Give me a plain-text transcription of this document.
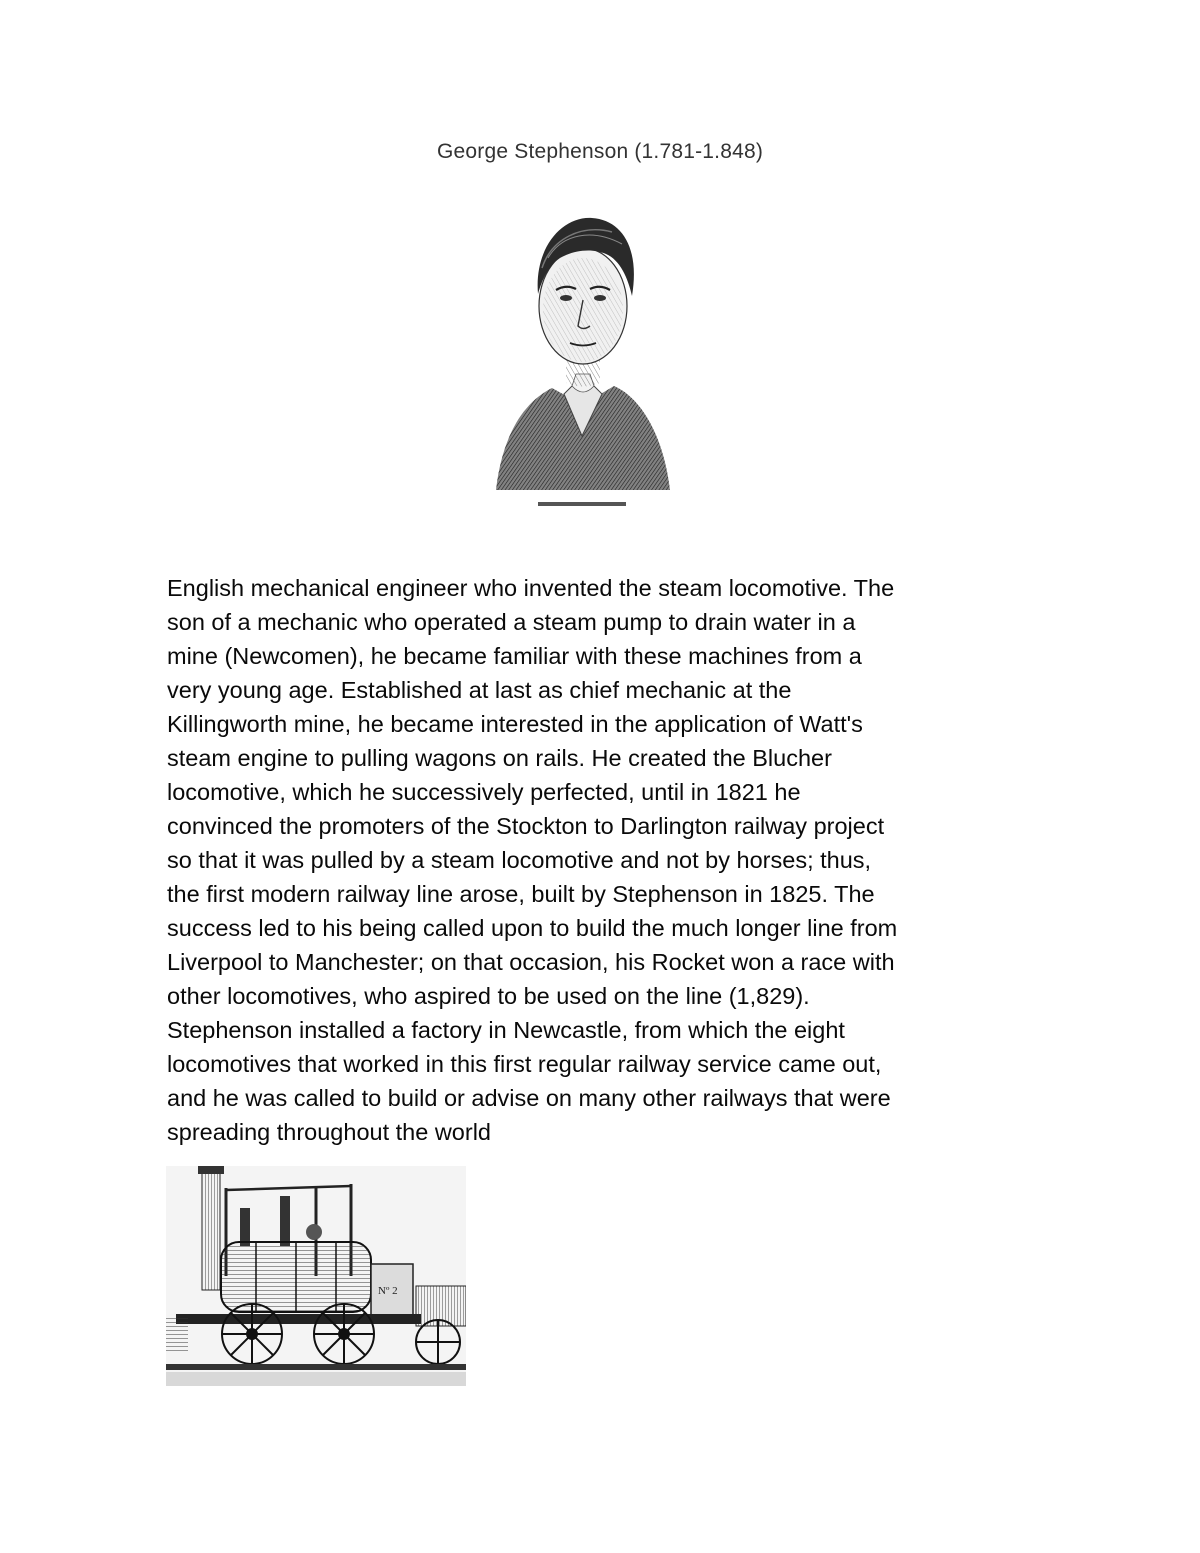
George Stephenson (1.781-1.848)
English mechanical engineer who invented the steam locomotive. The
son of a mechanic who operated a steam pump to drain water in a
mine (Newcomen), he became familiar with these machines from a
very young age. Established at last as chief mechanic at the
Killingworth mine, he became interested in the application of Watt's
steam engine to pulling wagons on rails. He created the Blucher
locomotive, which he successively perfected, until in 1821 he
convinced the promoters of the Stockton to Darlington railway project
so that it was pulled by a steam locomotive and not by horses; thus,
the first modern railway line arose, built by Stephenson in 1825. The
success led to his being called upon to build the much longer line from
Liverpool to Manchester; on that occasion, his Rocket won a race with
other locomotives, who aspired to be used on the line (1,829).
Stephenson installed a factory in Newcastle, from which the eight
locomotives that worked in this first regular railway service came out,
and he was called to build or advise on many other railways that were
spreading throughout the world
Nº 2
